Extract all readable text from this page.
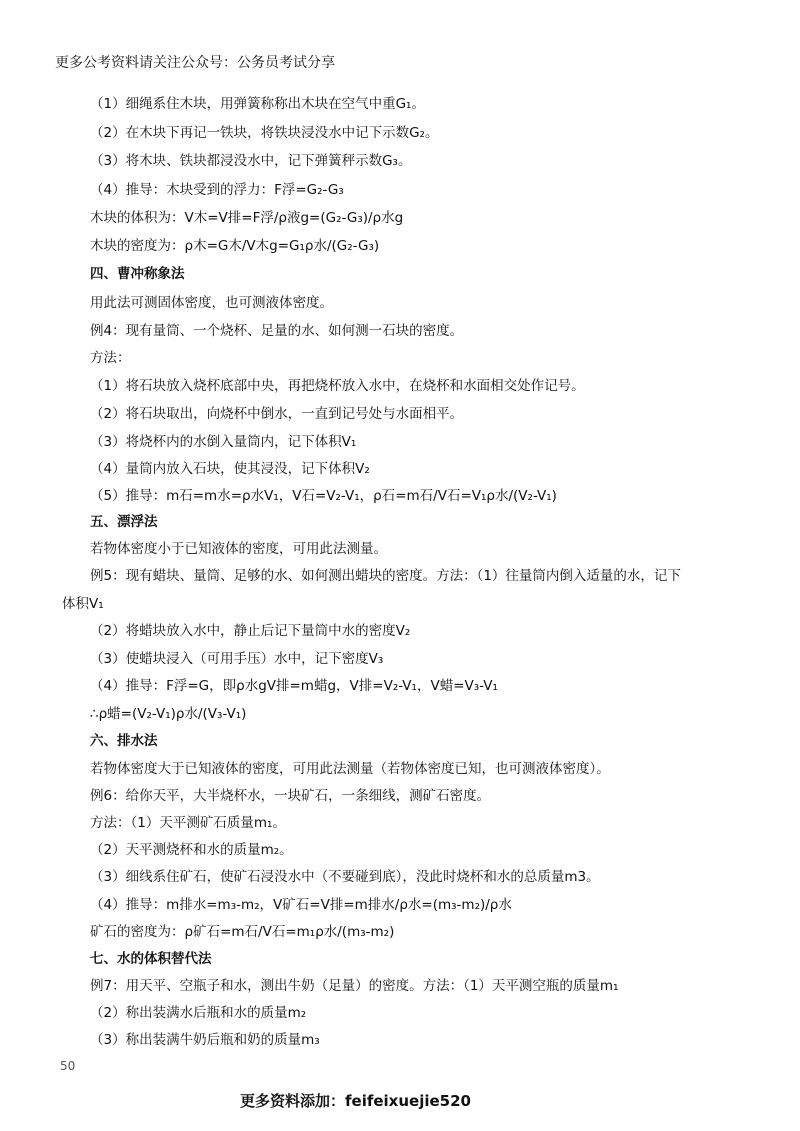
更多公考资料请关注公众号：公务员考试分享
（1）细绳系住木块，用弹簧称称出木块在空气中重G₁。
（2）在木块下再记一铁块，将铁块浸没水中记下示数G₂。
（3）将木块、铁块都浸没水中，记下弹簧秤示数G₃。
（4）推导：木块受到的浮力：F浮=G₂-G₃
木块的体积为：V木=V排=F浮/ρ液g=(G₂-G₃)/ρ水g
木块的密度为：ρ木=G木/V木g=G₁ρ水/(G₂-G₃)
四、曹冲称象法
用此法可测固体密度，也可测液体密度。
例4：现有量筒、一个烧杯、足量的水、如何测一石块的密度。
方法：
（1）将石块放入烧杯底部中央，再把烧杯放入水中，在烧杯和水面相交处作记号。
（2）将石块取出，向烧杯中倒水，一直到记号处与水面相平。
（3）将烧杯内的水倒入量筒内，记下体积V₁
（4）量筒内放入石块，使其浸没，记下体积V₂
（5）推导：m石=m水=ρ水V₁，V石=V₂-V₁，ρ石=m石/V石=V₁ρ水/(V₂-V₁)
五、漂浮法
若物体密度小于已知液体的密度，可用此法测量。
例5：现有蜡块、量筒、足够的水、如何测出蜡块的密度。方法：（1）往量筒内倒入适量的水，记下
体积V₁
（2）将蜡块放入水中，静止后记下量筒中水的密度V₂
（3）使蜡块浸入（可用手压）水中，记下密度V₃
（4）推导：F浮=G，即ρ水gV排=m蜡g，V排=V₂-V₁，V蜡=V₃-V₁
∴ρ蜡=(V₂-V₁)ρ水/(V₃-V₁)
六、排水法
若物体密度大于已知液体的密度，可用此法测量（若物体密度已知，也可测液体密度）。
例6：给你天平，大半烧杯水，一块矿石，一条细线，测矿石密度。
方法：（1）天平测矿石质量m₁。
（2）天平测烧杯和水的质量m₂。
（3）细线系住矿石，使矿石浸没水中（不要碰到底），没此时烧杯和水的总质量m3。
（4）推导：m排水=m₃-m₂，V矿石=V排=m排水/ρ水=(m₃-m₂)/ρ水
矿石的密度为：ρ矿石=m石/V石=m₁ρ水/(m₃-m₂)
七、水的体积替代法
例7：用天平、空瓶子和水，测出牛奶（足量）的密度。方法：（1）天平测空瓶的质量m₁
（2）称出装满水后瓶和水的质量m₂
（3）称出装满牛奶后瓶和奶的质量m₃
50
更多资料添加：feifeixuejie520
